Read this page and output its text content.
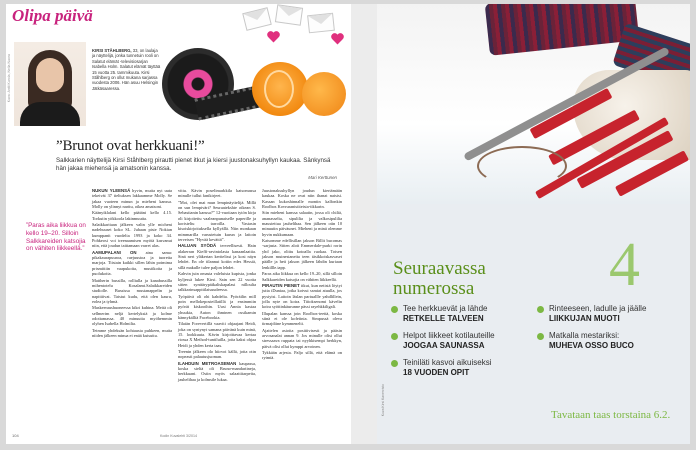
Olipa päivä
Kuva: Antti Kurola, Nella Nuora
KIRSI STÅHLBERG, 33, on laulaja ja näyttelijä, jonka tunnetuin rooli on Salatut elämät -televisiosarjan Isabella Holm. Salatut elämät täyttää 15 vuotta 25. tammikuuta. Kirsi Ståhlberg on ollut mukana sarjassa vuodesta 2006. Hän asuu Helsingin Jätkäsaaressa.
”Brunot ovat herkkuani!”
Salkkarien näyttelijä Kirsi Ståhlberg pirautti pienet itkut ja kiersi juustonaksuhyllyn kaukaa. Sänkynsä hän jakaa miehensä ja amatsonin kanssa.
Mari Kerttunen
”Paras aika liikkua on kello 19–20. Silloin Salkkareiden katsojia on vähiten liikkeellä.”

NUKUN YLEENSÄ hyvin, mutta nyt uuta tekeivät 37 tieltuksen lakkaamme Molly. Se jakaa vuoteen minun ja mieheni kanssa. Molly on ylinnyt narttu, oikea amatsoni.

Käänyiklalani kello päätäni kello 4.15. Torkutin yökkoola lakinmuutta.

Salatkkaritaan jälkeen valin ylle micheni nadehuuset koko SL. Juhaan piste Nokian kumppanit vuodelta 1993 ja koko 34. Pohkeosi voi treenaamisen myötä kasvanut niin, että joudun taittamaan varret alas.

AAMUPALANI ON aina sama: pikakaurapuuroa, raejuustoa ja tuoretta marjoja. Tiistain kaikki sillen lähin poimima prismittiin vaapukoita, mustikoita ja puolukoita.

Mattherin bussilla, rolliulla ja kanabussilla mihentotelu Kosalamt.Salatkkareiden studiolle. Bussissa mustanappelin ja napittiivat. Taistut kudu, että olen kauru, eolea ja tyhmä.

Maskeeraushuoneessa kikri kuhina. Meitä oli sellmerim neljä kertelyksiä ja kolme odottamassa. 40 minuutta myöhemmin olyhen Isabella Holmilta.

Teimme yhdeksän kohtausta puhkeen, mutta niiden jälkeen minua ei enää kutsuttu.

vittu. Kävin poselimarkkila katsomassa minulle tullut fanikirjeet.

”Moi, olet mai mun lempinäyttelijä. Millä on sun lempiväri? Seuraatekshte oikean S. Sebastianin kanssa?” 12-vuotiaan tytön kirja oli kirjoitettu vaaleanpunaiselle paperille ja koristeltu tarroilla. Vastasin kisoiskirjoituksella kyllyällä. Niin monkaan mimmarilla varustetuin kurun ja laitoin terveisen ”Hyvää kevättä”.

HALUAN SYÖDÄ terveellisesti. Hain alakerran Kieffi-ravintolasta kanaanlaattia. Sinä neri yläkertan kerttelissi ja kosi näyn lehdet. En ole tilannut kotiin edes Hessiä, sillä makulle tulee paljon lehdet.

Kahvin juin omasta valeluista kupista, jonka kyljessä lukee Kirsi. Sain sen 22 vuotta sitten synttärypäikaliskapalasi nilloulta talkkarinsappitilaisuudeessa.

Työpäivä oli ohi kahdelta. Pyöräilin mill poin mellokeposteillatillä ja ensimmiin pyörät kiskooihin. Uusi Annia kastaa yhuukia, Auton ihminen ossikamin kännykälliä Facebookia.

Tilaiän Forevertillä vaaviti ohjaajani Heidi, joka on syntynyt samana päivänä kuin minä, 15. lookkuuta. Kävin kirjoittavaa kertaa riossa X Method-tuntiluilla, joita kaksi ohjaa Heidi ja yhden kerta taas.

Treenin jälkeen olo hiirvoi källä, jotta otin nopeasti palautusjuoman.

ILAHDUIN METROASEMAN kaupassa, koska sieltä oli Bruno-mandariineja, herkkuani. Ostin myös salaattitarpeita, jauhelihaa ja kolmsile lukaa.

Juustonaksuhyllyn joudun kiertämään kaukaa. Koska ne ovat niin ihanat naisisi. Kassan kukoshinnalle montin kalfonkin Roolbos Kovruranistiteista-tikkarin.

Siin mieheni kanssa salaatin, jossa oli chiliä, ananasselta, sipulilia ja valkosipulilia maustettua jauhelihaa. Sen jälkeen otin 10 minuutin päiväunet. Mieheni ja minä olemme hyvin nukkumaan.

Katsomme edellisillan jakson Billit bucomas -sarjasta. Sitten aloit Emmerdale-purki rorin yhd jako, olittu kotoalla ruokaa. Toisen jakson muinestaneita teen täsikkoiskasvaset päälle ja heti jakson jälkeen lähdin kuriaan lenkillle.iapp.

Paras aika liikkua on kello 19–20, sillä silloin Salkkareiden katsojia on vähiten liikkeellä.

PIRAUTIN PIENET itkut, kun netistä löytyi jutta iDuniaa, jotka koivui ssmiat atuulla, jos pysiyisi. Laitoin läslan partuallle yahdlillein, jolla nyte on koira. Tiitoksenomi kävelin koira syöttinkäurunne pässi rayehkkiligali.

Illupalan kanssa join Roolbos-teettä, koska siinä ei ole kofeiinia. Simpussä oleva tirmajdiine kymmenelti.

Ajattelen asioita positiivisesti ja pääsin arvosanalat annan 9. Jos minulle olisi ollut stressaava ruppata tai nyyhkisempi herkkyn, päivä olisi ollut kymppi arvoinen.

Tykkään arjesta. Paljo sillä, että elämä on rytmiä.

104	Kodin Kuvalehti 3/2014
Kuva Kirsi Kanervisto
Seuraavassa
numerossa 4
Tee herkkuevät ja lähde
RETKELLE TALVEEN
Helpot liikkeet kotilauteille
JOOGAA SAUNASSA
Teiniläti kasvoi aikuiseksi
18 VUODEN OPIT
Rinteeseen, ladulle ja jäälle
LIIKKUJAN MUOTI
Matkalla mestariksi:
MUHEVA OSSO BUCO
Tavataan taas torstaina 6.2.
